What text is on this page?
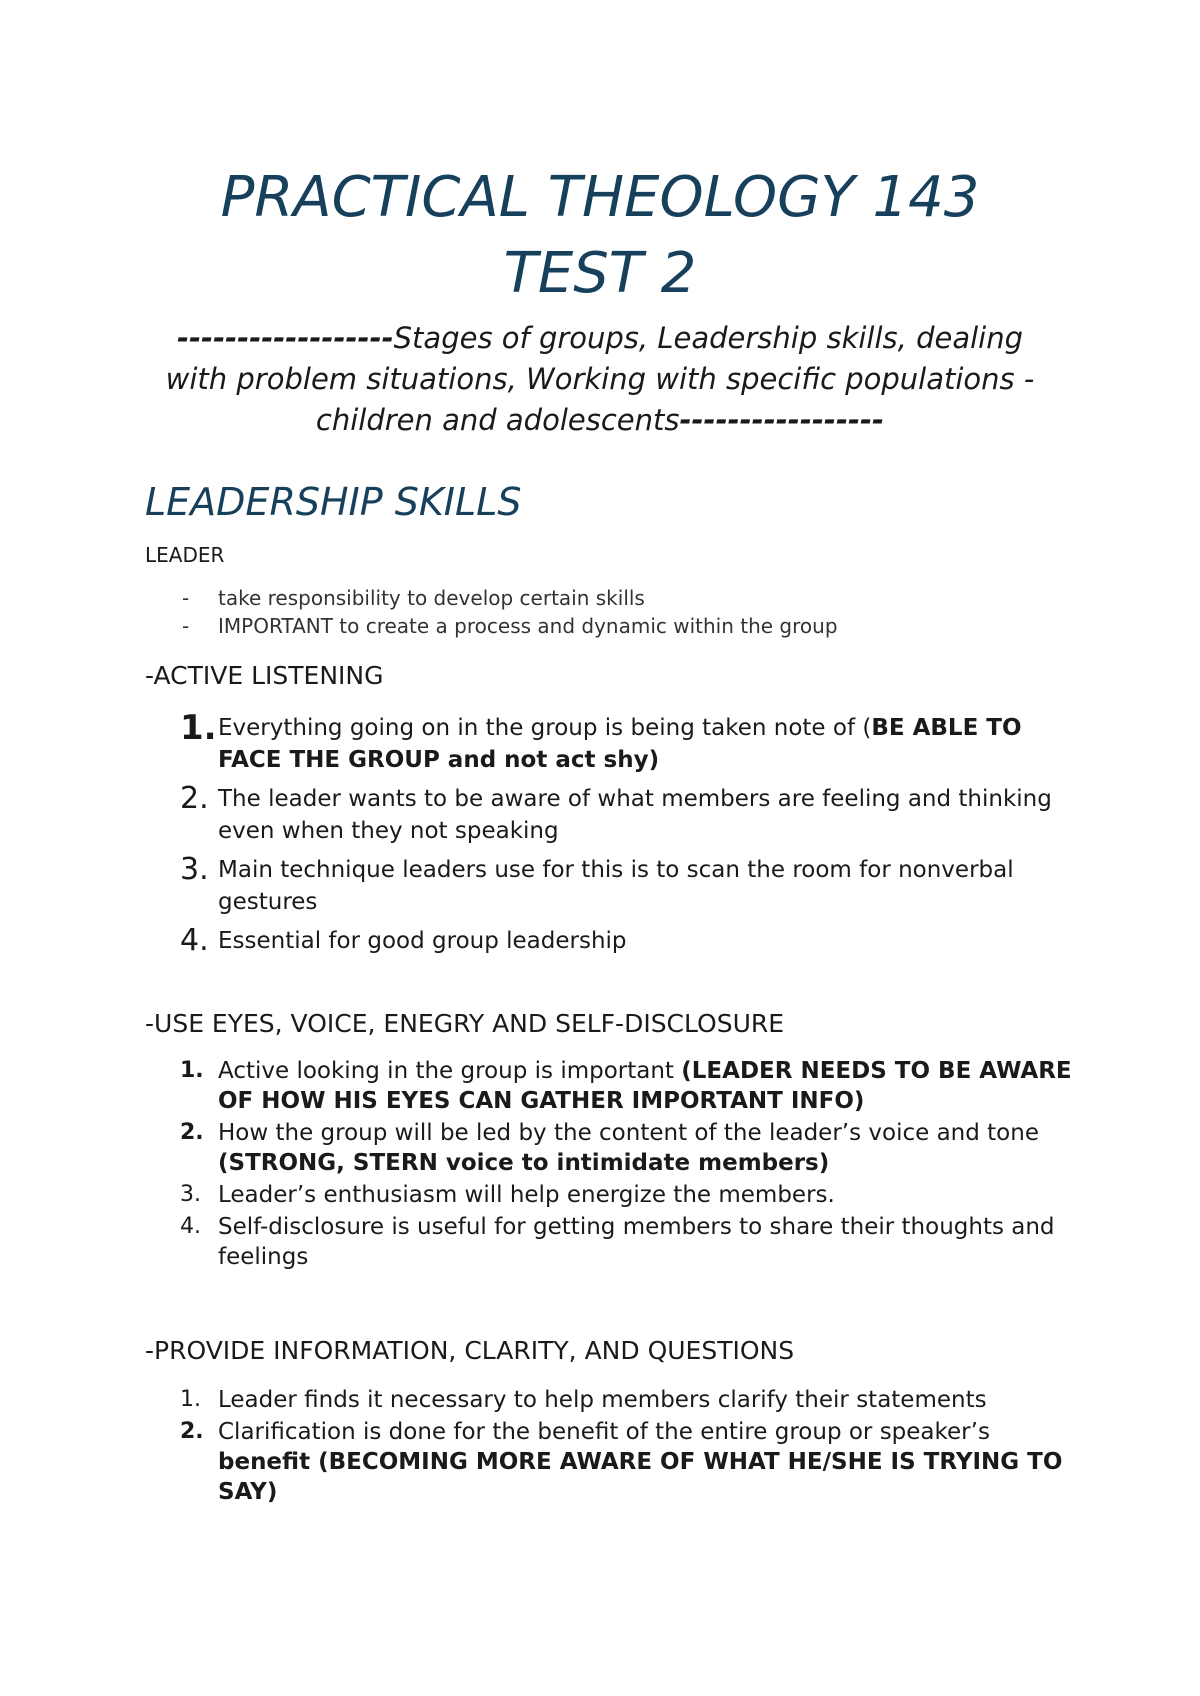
PRACTICAL THEOLOGY 143
TEST 2
------------------Stages of groups, Leadership skills, dealing with problem situations, Working with specific populations - children and adolescents-----------------
LEADERSHIP SKILLS
LEADER
- take responsibility to develop certain skills
- IMPORTANT to create a process and dynamic within the group
-ACTIVE LISTENING
1. Everything going on in the group is being taken note of (BE ABLE TO FACE THE GROUP and not act shy)
2. The leader wants to be aware of what members are feeling and thinking even when they not speaking
3. Main technique leaders use for this is to scan the room for nonverbal gestures
4. Essential for good group leadership
-USE EYES, VOICE, ENEGRY AND SELF-DISCLOSURE
1. Active looking in the group is important (LEADER NEEDS TO BE AWARE OF HOW HIS EYES CAN GATHER IMPORTANT INFO)
2. How the group will be led by the content of the leader’s voice and tone (STRONG, STERN voice to intimidate members)
3. Leader’s enthusiasm will help energize the members.
4. Self-disclosure is useful for getting members to share their thoughts and feelings
-PROVIDE INFORMATION, CLARITY, AND QUESTIONS
1. Leader finds it necessary to help members clarify their statements
2. Clarification is done for the benefit of the entire group or speaker’s benefit (BECOMING MORE AWARE OF WHAT HE/SHE IS TRYING TO SAY)
